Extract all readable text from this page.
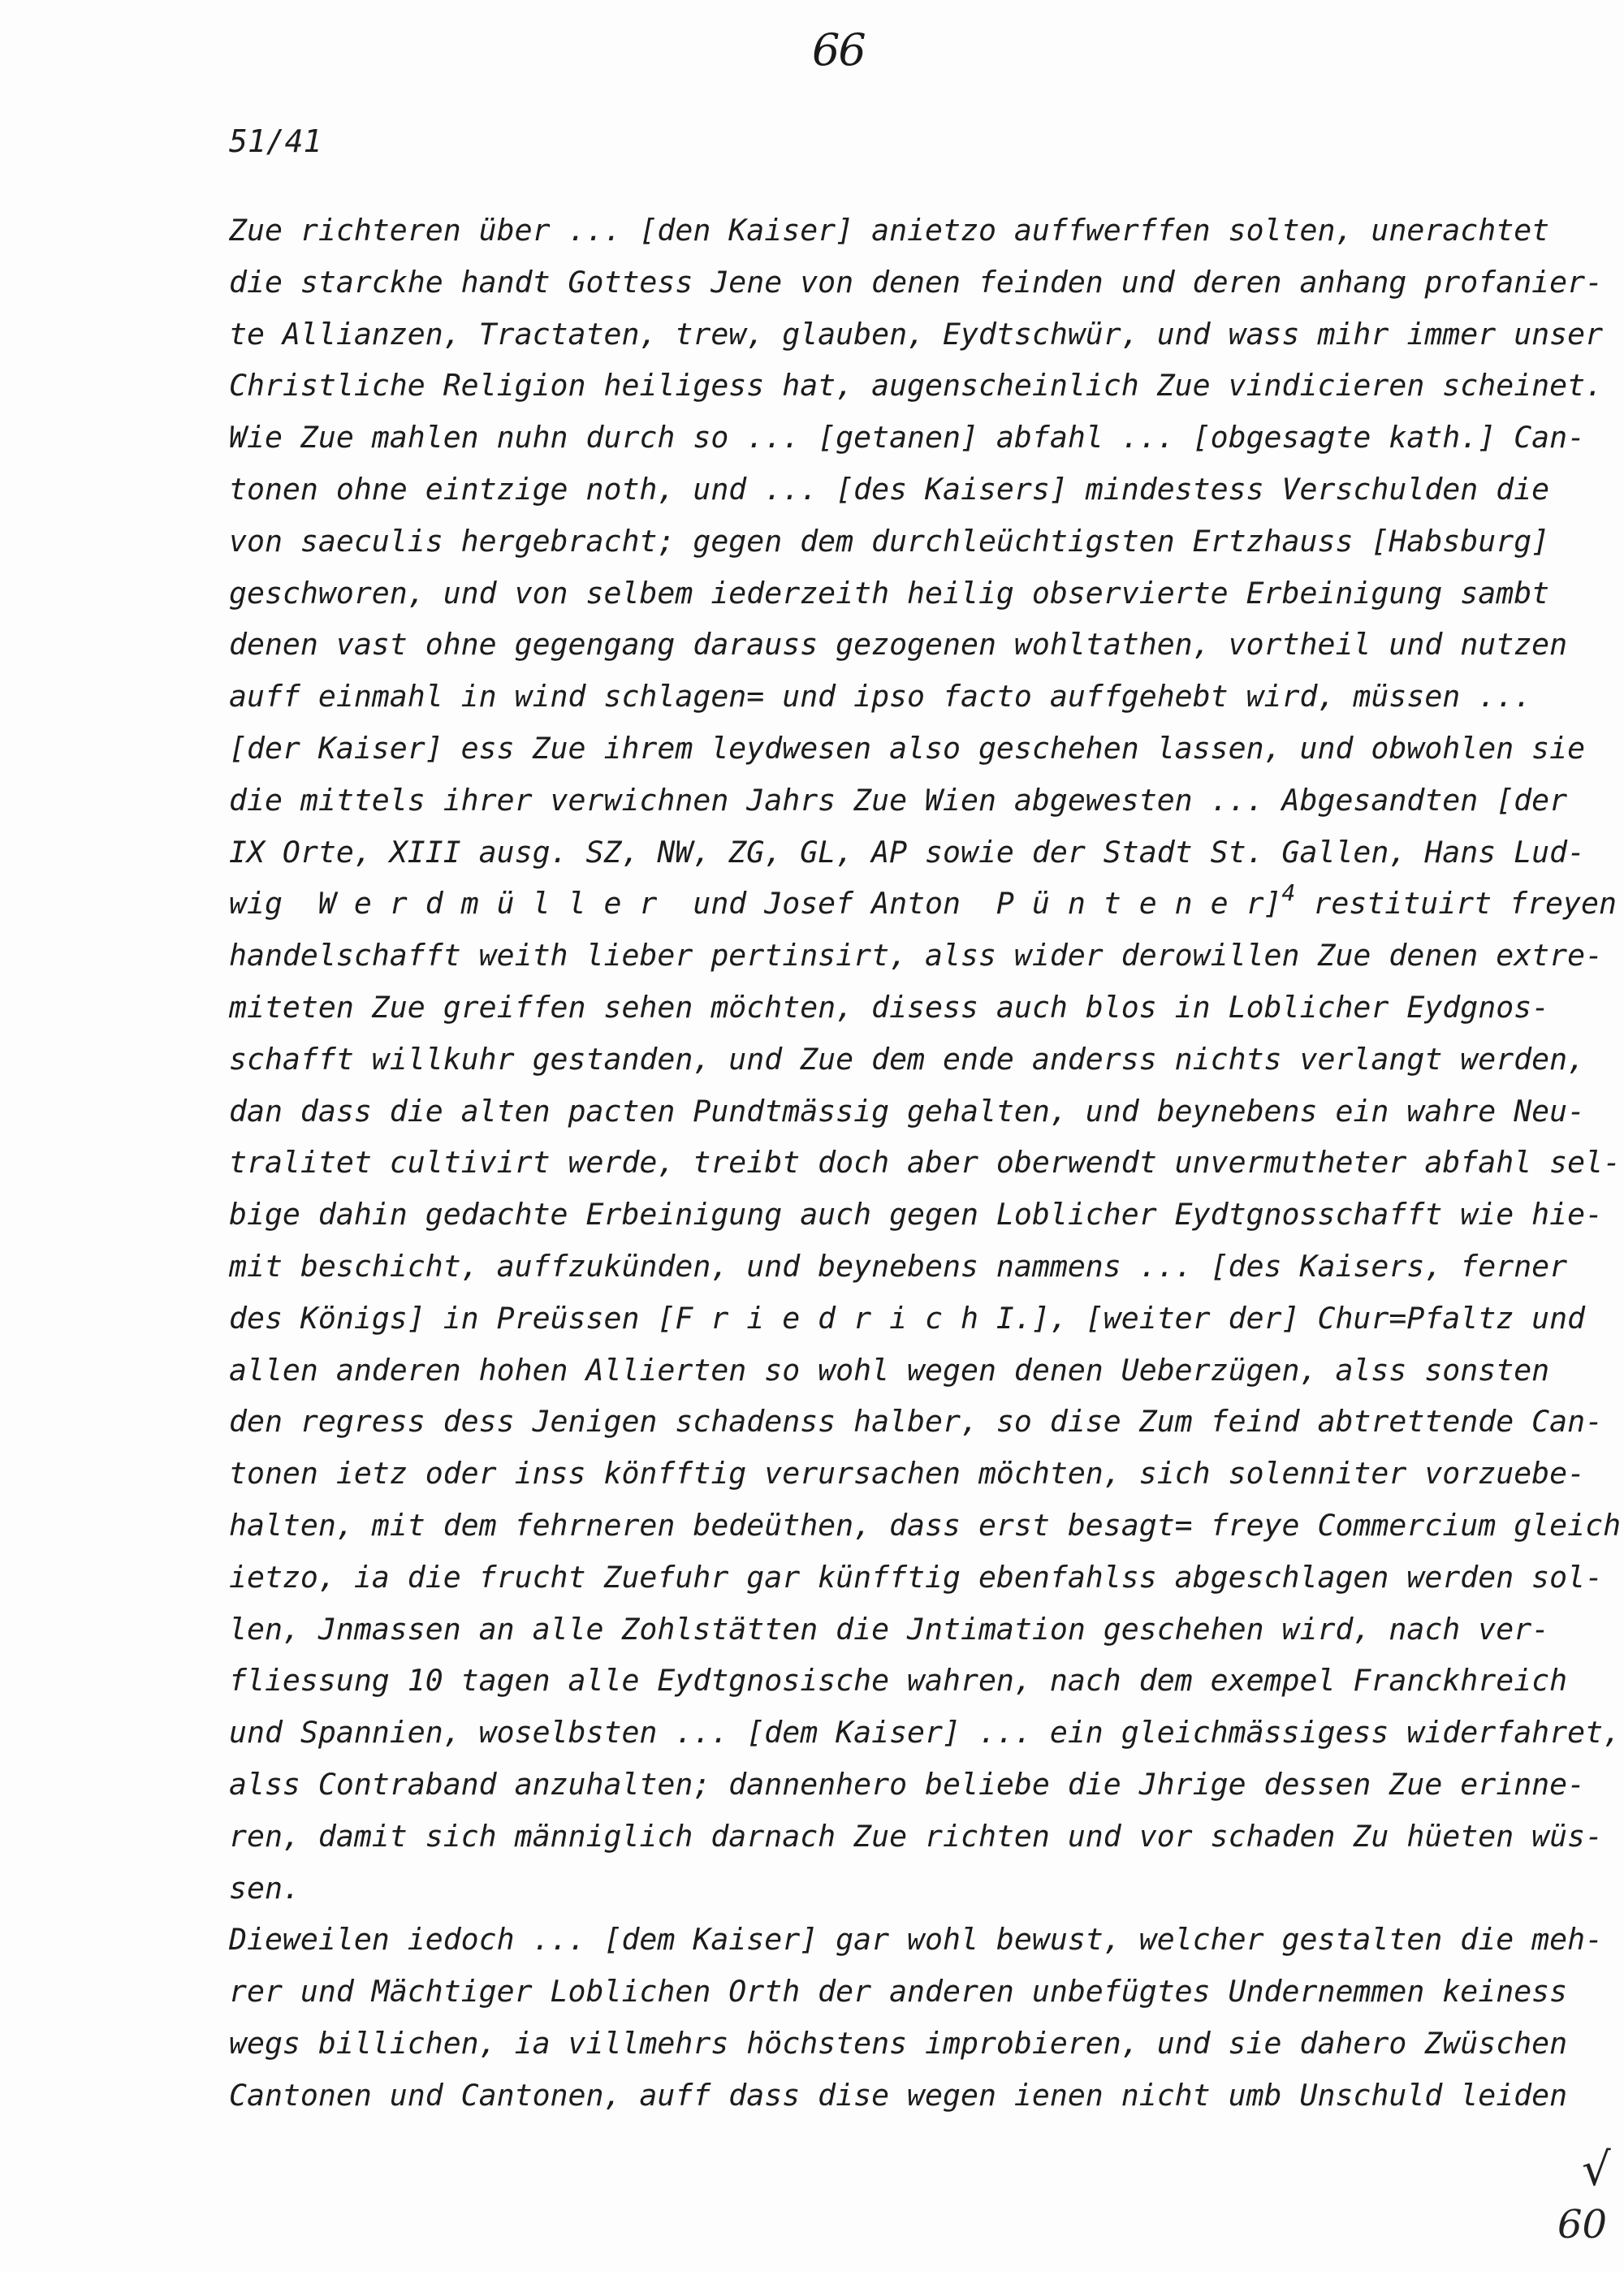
66
51/41
Zue richteren über ... [den Kaiser] anietzo auffwerffen solten, unerachtet
die starckhe handt Gottess Jene von denen feinden und deren anhang profanier-
te Allianzen, Tractaten, trew, glauben, Eydtschwür, und wass mihr immer unser
Christliche Religion heiligess hat, augenscheinlich Zue vindicieren scheinet.
Wie Zue mahlen nuhn durch so ... [getanen] abfahl ... [obgesagte kath.] Can-
tonen ohne eintzige noth, und ... [des Kaisers] mindestess Verschulden die
von saeculis hergebracht; gegen dem durchleüchtigsten Ertzhauss [Habsburg]
geschworen, und von selbem iederzeith heilig observierte Erbeinigung sambt
denen vast ohne gegengang darauss gezogenen wohltathen, vortheil und nutzen
auff einmahl in wind schlagen= und ipso facto auffgehebt wird, müssen ...
[der Kaiser] ess Zue ihrem leydwesen also geschehen lassen, und obwohlen sie
die mittels ihrer verwichnen Jahrs Zue Wien abgewesten ... Abgesandten [der
IX Orte, XIII ausg. SZ, NW, ZG, GL, AP sowie der Stadt St. Gallen, Hans Lud-
wig  W e r d m ü l l e r  und Josef Anton  P ü n t e n e r]$^4$ restituirt freyen
handelschafft weith lieber pertinsirt, alss wider derowillen Zue denen extre-
miteten Zue greiffen sehen möchten, disess auch blos in Loblicher Eydgnos-
schafft willkuhr gestanden, und Zue dem ende anderss nichts verlangt werden,
dan dass die alten pacten Pundtmässig gehalten, und beynebens ein wahre Neu-
tralitet cultivirt werde, treibt doch aber oberwendt unvermutheter abfahl sel-
bige dahin gedachte Erbeinigung auch gegen Loblicher Eydtgnosschafft wie hie-
mit beschicht, auffzukünden, und beynebens nammens ... [des Kaisers, ferner
des Königs] in Preüssen [F r i e d r i c h I.], [weiter der] Chur=Pfaltz und
allen anderen hohen Allierten so wohl wegen denen Ueberzügen, alss sonsten
den regress dess Jenigen schadenss halber, so dise Zum feind abtrettende Can-
tonen ietz oder inss könfftig verursachen möchten, sich solenniter vorzuebe-
halten, mit dem fehrneren bedeüthen, dass erst besagt= freye Commercium gleich
ietzo, ia die frucht Zuefuhr gar künfftig ebenfahlss abgeschlagen werden sol-
len, Jnmassen an alle Zohlstätten die Jntimation geschehen wird, nach ver-
fliessung 10 tagen alle Eydtgnosische wahren, nach dem exempel Franckhreich
und Spannien, woselbsten ... [dem Kaiser] ... ein gleichmässigess widerfahret,
alss Contraband anzuhalten; dannenhero beliebe die Jhrige dessen Zue erinne-
ren, damit sich männiglich darnach Zue richten und vor schaden Zu hüeten wüs-
sen.
Dieweilen iedoch ... [dem Kaiser] gar wohl bewust, welcher gestalten die meh-
rer und Mächtiger Loblichen Orth der anderen unbefügtes Undernemmen keiness
wegs billichen, ia villmehrs höchstens improbieren, und sie dahero Zwüschen
Cantonen und Cantonen, auff dass dise wegen ienen nicht umb Unschuld leiden
√
60
